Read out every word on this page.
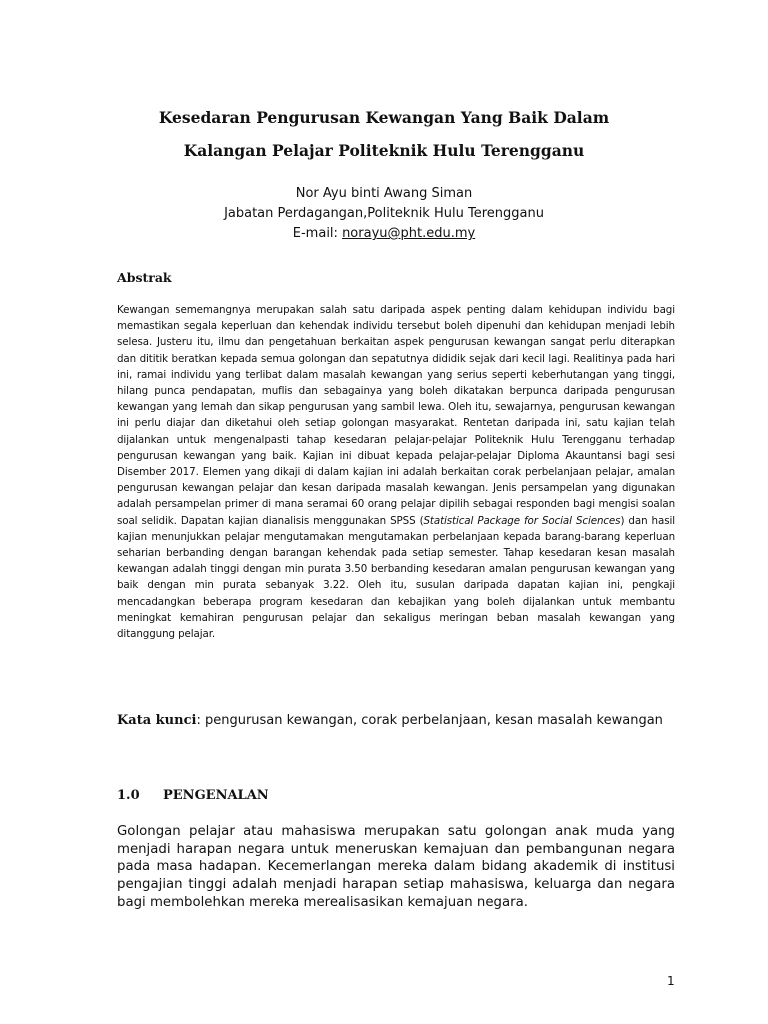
Kesedaran Pengurusan Kewangan Yang Baik Dalam
Kalangan Pelajar Politeknik Hulu Terengganu

Nor Ayu binti Awang Siman

Jabatan Perdagangan,Politeknik Hulu Terengganu

E-mail: norayu@pht.edu.my

Abstrak

Kewangan sememangnya merupakan salah satu daripada aspek penting dalam kehidupan individu bagi memastikan segala keperluan dan kehendak individu tersebut boleh dipenuhi dan kehidupan menjadi lebih selesa. Justeru itu, ilmu dan pengetahuan berkaitan aspek pengurusan kewangan sangat perlu diterapkan dan dititik beratkan kepada semua golongan dan sepatutnya dididik sejak dari kecil lagi. Realitinya pada hari ini, ramai individu yang terlibat dalam masalah kewangan yang serius seperti keberhutangan yang tinggi, hilang punca pendapatan, muflis dan sebagainya yang boleh dikatakan berpunca daripada pengurusan kewangan yang lemah dan sikap pengurusan yang sambil lewa. Oleh itu, sewajarnya, pengurusan kewangan ini perlu diajar dan diketahui oleh setiap golongan masyarakat. Rentetan daripada ini, satu kajian telah dijalankan untuk mengenalpasti tahap kesedaran pelajar-pelajar Politeknik Hulu Terengganu terhadap pengurusan kewangan yang baik. Kajian ini dibuat kepada pelajar-pelajar Diploma Akauntansi bagi sesi Disember 2017. Elemen yang dikaji di dalam kajian ini adalah berkaitan corak perbelanjaan pelajar, amalan pengurusan kewangan pelajar dan kesan daripada masalah kewangan. Jenis persampelan yang digunakan adalah persampelan primer di mana seramai 60 orang pelajar dipilih sebagai responden bagi mengisi soalan soal selidik. Dapatan kajian dianalisis menggunakan SPSS (Statistical Package for Social Sciences) dan hasil kajian menunjukkan pelajar mengutamakan mengutamakan perbelanjaan kepada barang-barang keperluan seharian berbanding dengan barangan kehendak pada setiap semester. Tahap kesedaran kesan masalah kewangan adalah tinggi dengan min purata 3.50 berbanding kesedaran amalan pengurusan kewangan yang baik dengan min purata sebanyak 3.22. Oleh itu, susulan daripada dapatan kajian ini, pengkaji mencadangkan beberapa program kesedaran dan kebajikan yang boleh dijalankan untuk membantu meningkat kemahiran pengurusan pelajar dan sekaligus meringan beban masalah kewangan yang ditanggung pelajar.

Kata kunci: pengurusan kewangan, corak perbelanjaan, kesan masalah kewangan

1.0 PENGENALAN

Golongan pelajar atau mahasiswa merupakan satu golongan anak muda yang menjadi harapan negara untuk meneruskan kemajuan dan pembangunan negara pada masa hadapan. Kecemerlangan mereka dalam bidang akademik di institusi pengajian tinggi adalah menjadi harapan setiap mahasiswa, keluarga dan negara bagi membolehkan mereka merealisasikan kemajuan negara.

1
